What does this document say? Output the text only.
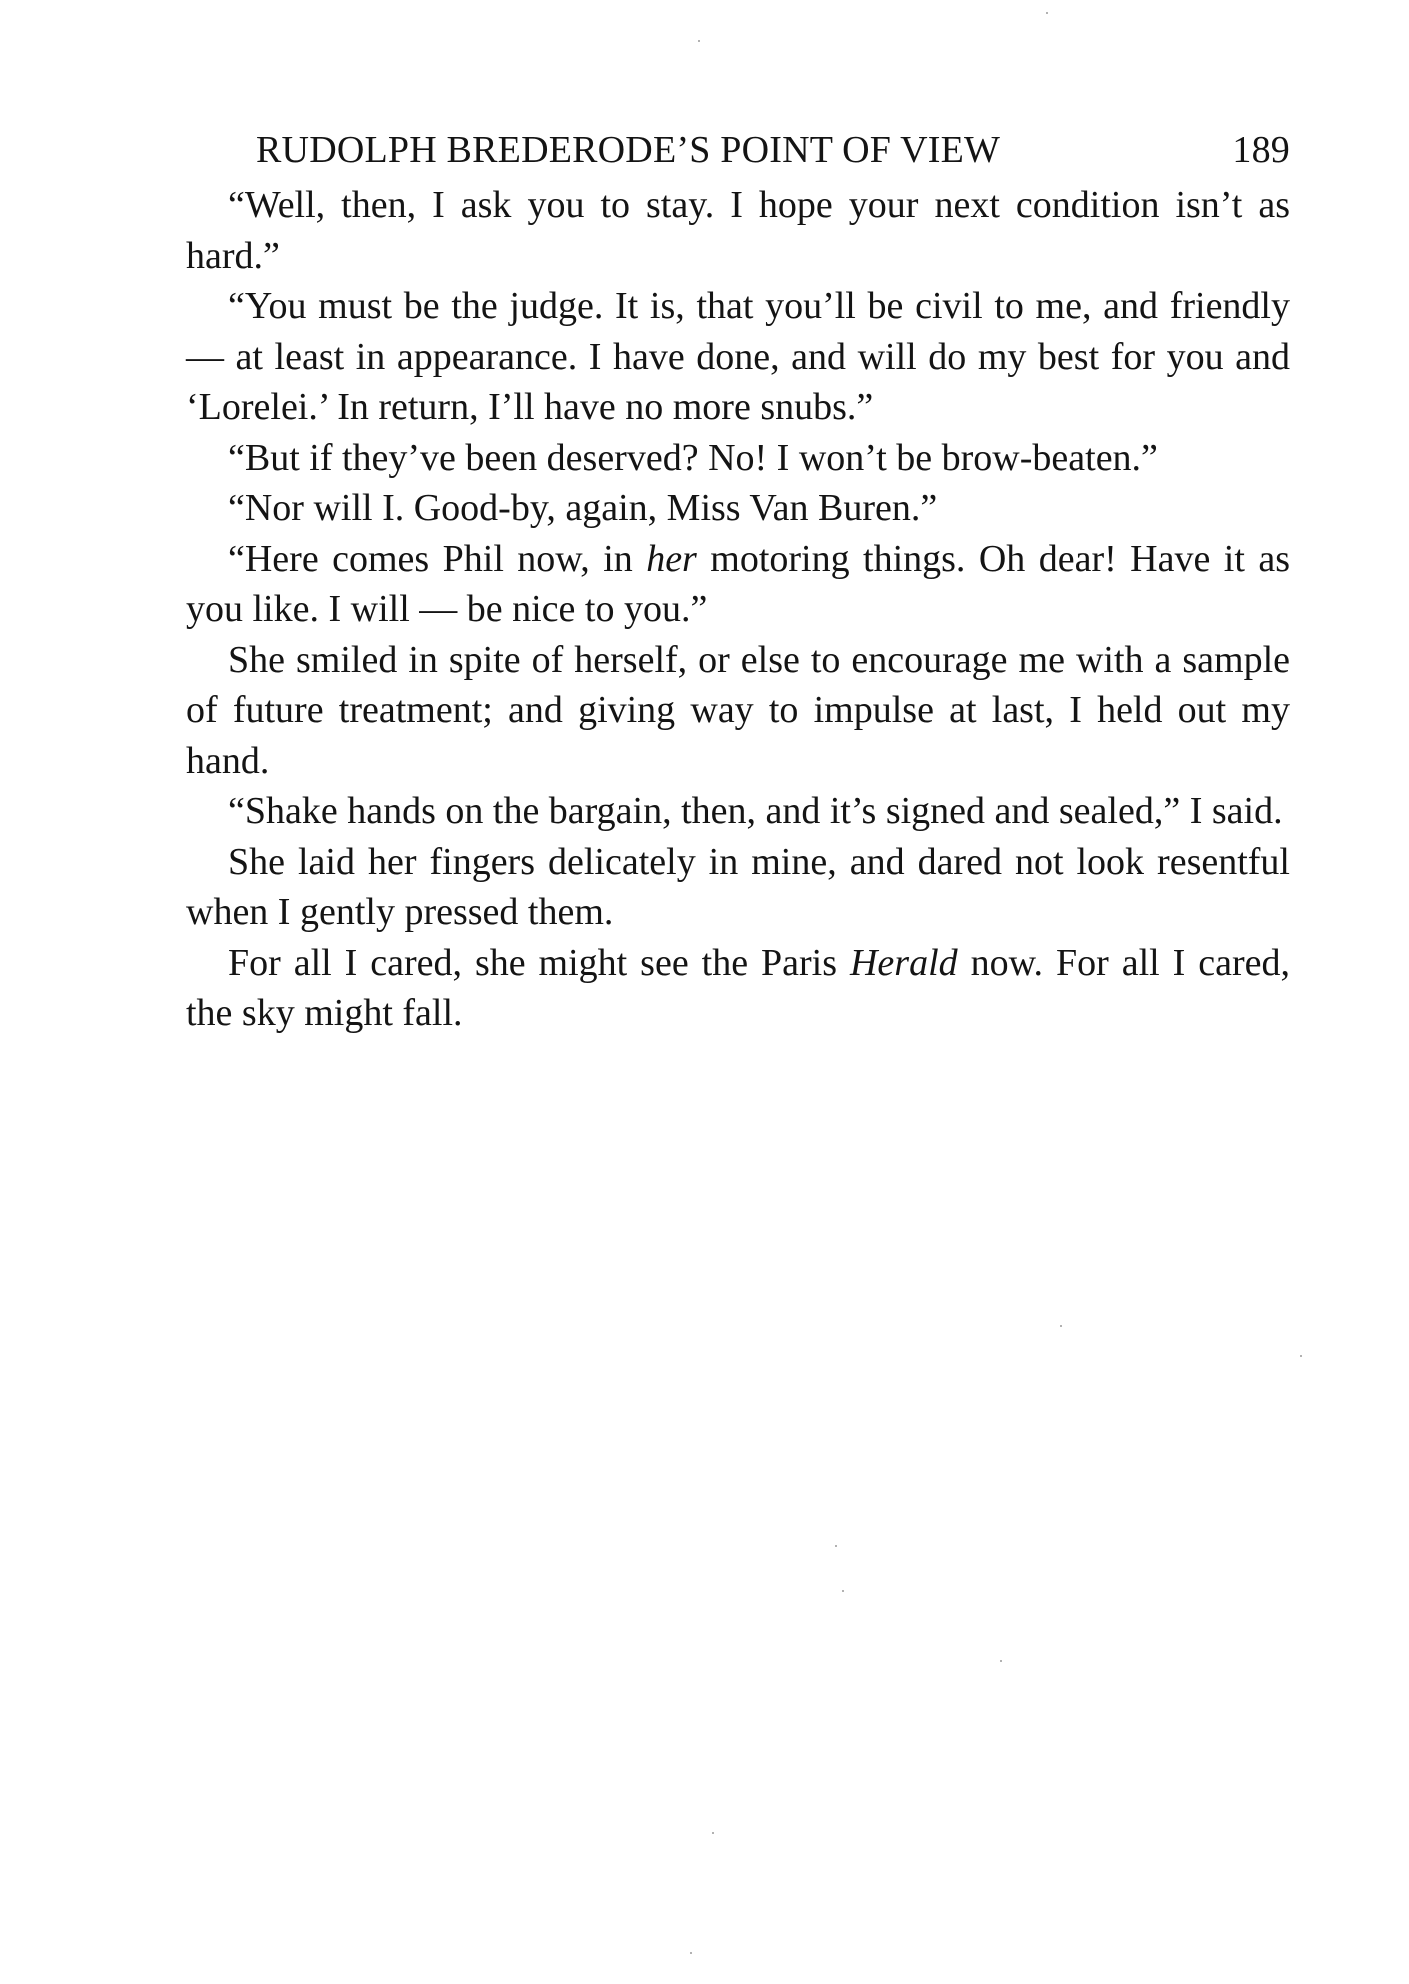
RUDOLPH BREDERODE’S POINT OF VIEW	189

“Well, then, I ask you to stay. I hope your next condition isn’t as hard.”

“You must be the judge. It is, that you’ll be civil to me, and friendly — at least in appearance. I have done, and will do my best for you and ‘Lorelei.’ In return, I’ll have no more snubs.”

“But if they’ve been deserved? No! I won’t be brow-beaten.”

“Nor will I. Good-by, again, Miss Van Buren.”

“Here comes Phil now, in her motoring things. Oh dear! Have it as you like. I will — be nice to you.”

She smiled in spite of herself, or else to encourage me with a sample of future treatment; and giving way to impulse at last, I held out my hand.

“Shake hands on the bargain, then, and it’s signed and sealed,” I said.

She laid her fingers delicately in mine, and dared not look resentful when I gently pressed them.

For all I cared, she might see the Paris Herald now. For all I cared, the sky might fall.
